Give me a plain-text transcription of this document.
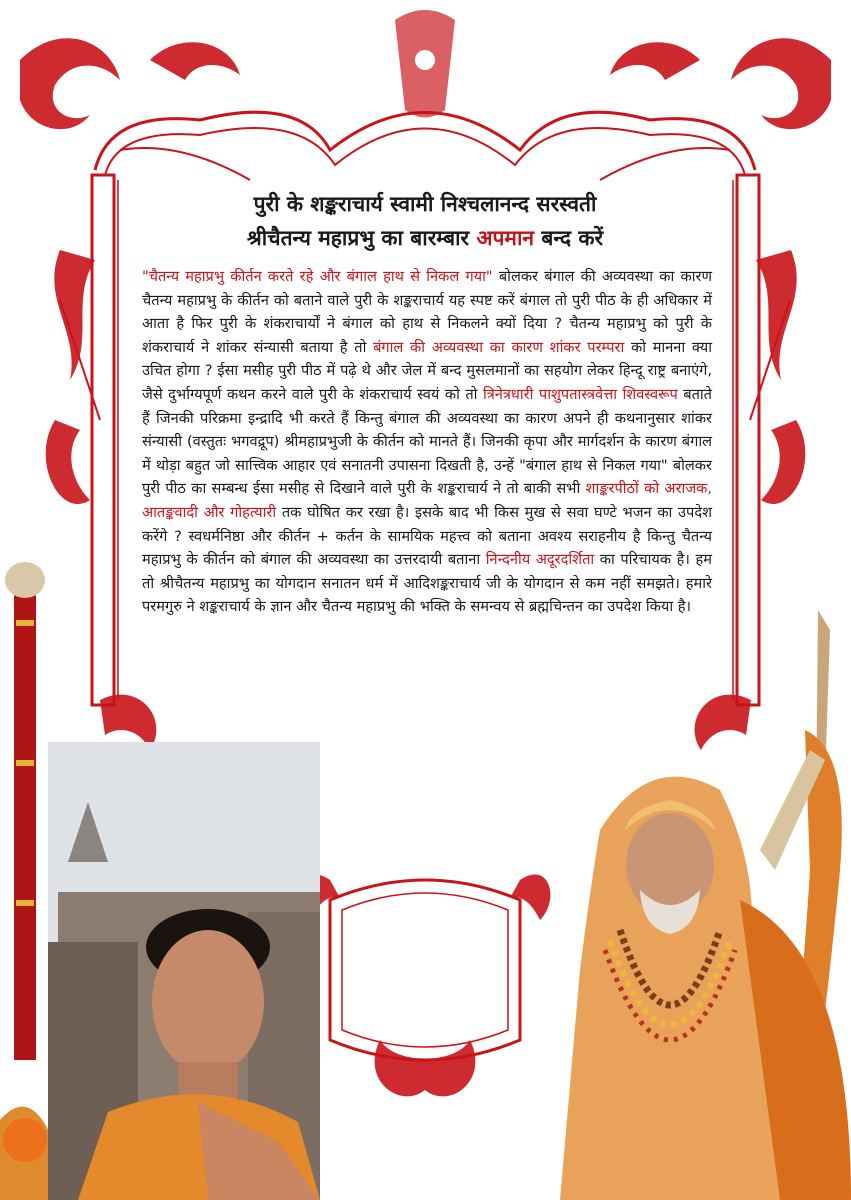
पुरी के शङ्कराचार्य स्वामी निश्चलानन्द सरस्वती
श्रीचैतन्य महाप्रभु का बारम्बार अपमान बन्द करें
"चैतन्य महाप्रभु कीर्तन करते रहे और बंगाल हाथ से निकल गया" बोलकर बंगाल की अव्यवस्था का कारण चैतन्य महाप्रभु के कीर्तन को बताने वाले पुरी के शङ्कराचार्य यह स्पष्ट करें बंगाल तो पुरी पीठ के ही अधिकार में आता है फिर पुरी के शंकराचार्यों ने बंगाल को हाथ से निकलने क्यों दिया ? चैतन्य महाप्रभु को पुरी के शंकराचार्य ने शांकर संन्यासी बताया है तो बंगाल की अव्यवस्था का कारण शांकर परम्परा को मानना क्या उचित होगा ? ईसा मसीह पुरी पीठ में पढ़े थे और जेल में बन्द मुसलमानों का सहयोग लेकर हिन्दू राष्ट्र बनाएंगे, जैसे दुर्भाग्यपूर्ण कथन करने वाले पुरी के शंकराचार्य स्वयं को तो त्रिनेत्रधारी पाशुपतास्त्रवेत्ता शिवस्वरूप बताते हैं जिनकी परिक्रमा इन्द्रादि भी करते हैं किन्तु बंगाल की अव्यवस्था का कारण अपने ही कथनानुसार शांकर संन्यासी (वस्तुतः भगवद्रूप) श्रीमहाप्रभुजी के कीर्तन को मानते हैं। जिनकी कृपा और मार्गदर्शन के कारण बंगाल में थोड़ा बहुत जो सात्त्विक आहार एवं सनातनी उपासना दिखती है, उन्हें "बंगाल हाथ से निकल गया" बोलकर पुरी पीठ का सम्बन्ध ईसा मसीह से दिखाने वाले पुरी के शङ्कराचार्य ने तो बाकी सभी शाङ्करपीठों को अराजक, आतङ्कवादी और गोहत्यारी तक घोषित कर रखा है। इसके बाद भी किस मुख से सवा घण्टे भजन का उपदेश करेंगे ? स्वधर्मनिष्ठा और कीर्तन + कर्तन के सामयिक महत्त्व को बताना अवश्य सराहनीय है किन्तु चैतन्य महाप्रभु के कीर्तन को बंगाल की अव्यवस्था का उत्तरदायी बताना निन्दनीय अदूरदर्शिता का परिचायक है। हम तो श्रीचैतन्य महाप्रभु का योगदान सनातन धर्म में आदिशङ्कराचार्य जी के योगदान से कम नहीं समझते। हमारे परमगुरु ने शङ्कराचार्य के ज्ञान और चैतन्य महाप्रभु की भक्ति के समन्वय से ब्रह्मचिन्तन का उपदेश किया है।
